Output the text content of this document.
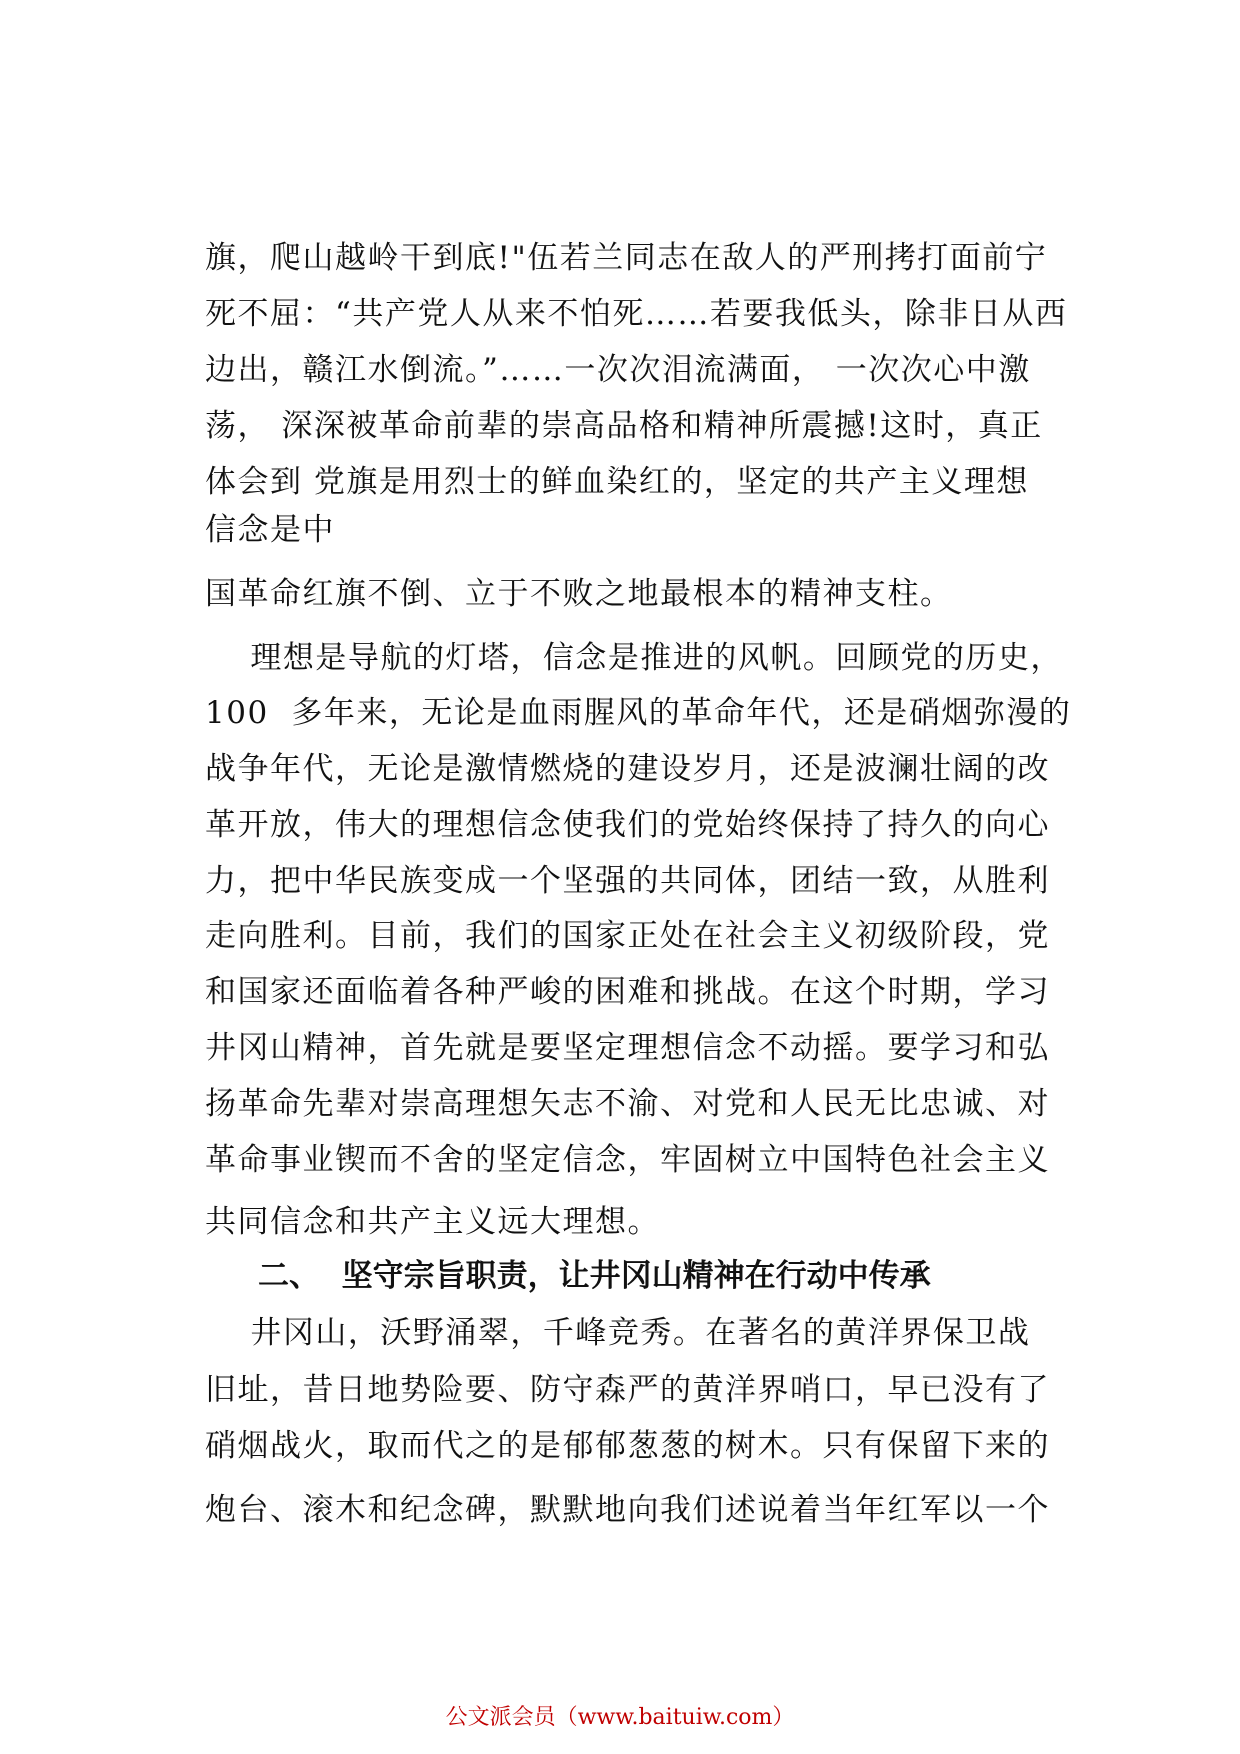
旗，爬山越岭干到底!"伍若兰同志在敌人的严刑拷打面前宁
死不屈：“共产党人从来不怕死……若要我低头，除非日从西
边出，赣江水倒流。”……一次次泪流满面， 一次次心中激
荡， 深深被革命前辈的崇高品格和精神所震撼!这时，真正
体会到 党旗是用烈士的鲜血染红的，坚定的共产主义理想
信念是中
国革命红旗不倒、立于不败之地最根本的精神支柱。
理想是导航的灯塔，信念是推进的风帆。回顾党的历史，
100  多年来，无论是血雨腥风的革命年代，还是硝烟弥漫的
战争年代，无论是激情燃烧的建设岁月，还是波澜壮阔的改
革开放，伟大的理想信念使我们的党始终保持了持久的向心
力，把中华民族变成一个坚强的共同体，团结一致，从胜利
走向胜利。目前，我们的国家正处在社会主义初级阶段，党
和国家还面临着各种严峻的困难和挑战。在这个时期，学习
井冈山精神，首先就是要坚定理想信念不动摇。要学习和弘
扬革命先辈对崇高理想矢志不渝、对党和人民无比忠诚、对
革命事业锲而不舍的坚定信念，牢固树立中国特色社会主义
共同信念和共产主义远大理想。
二、  坚守宗旨职责，让井冈山精神在行动中传承
井冈山，沃野涌翠，千峰竞秀。在著名的黄洋界保卫战
旧址，昔日地势险要、防守森严的黄洋界哨口，早已没有了
硝烟战火，取而代之的是郁郁葱葱的树木。只有保留下来的
炮台、滚木和纪念碑，默默地向我们述说着当年红军以一个
公文派会员（www.baituiw.com）
